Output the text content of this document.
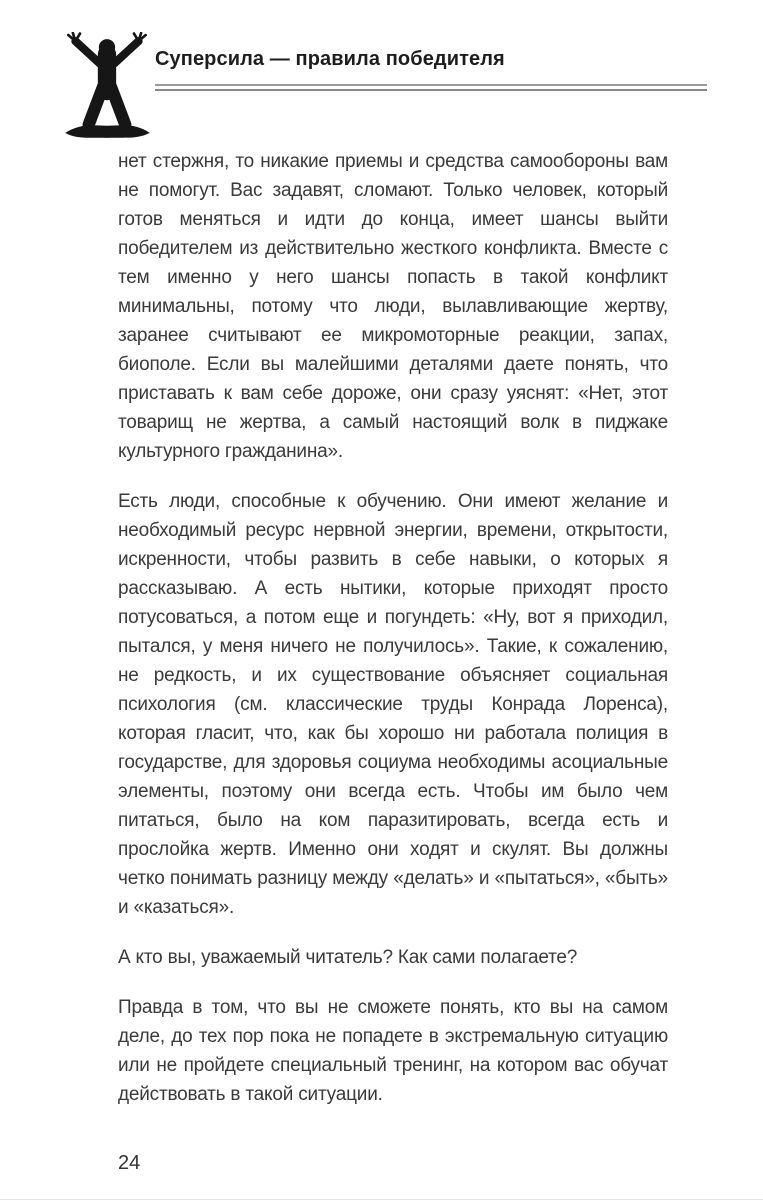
Суперсила — правила победителя

нет стержня, то никакие приемы и средства самообороны вам не помогут. Вас задавят, сломают. Только человек, который готов меняться и идти до конца, имеет шансы выйти победителем из действительно жесткого конфликта. Вместе с тем именно у него шансы попасть в такой конфликт минимальны, потому что люди, вылавливающие жертву, заранее считывают ее микромоторные реакции, запах, биополе. Если вы малейшими деталями даете понять, что приставать к вам себе дороже, они сразу уяснят: «Нет, этот товарищ не жертва, а самый настоящий волк в пиджаке культурного гражданина».

Есть люди, способные к обучению. Они имеют желание и необходимый ресурс нервной энергии, времени, открытости, искренности, чтобы развить в себе навыки, о которых я рассказываю. А есть нытики, которые приходят просто потусоваться, а потом еще и погундеть: «Ну, вот я приходил, пытался, у меня ничего не получилось». Такие, к сожалению, не редкость, и их существование объясняет социальная психология (см. классические труды Конрада Лоренса), которая гласит, что, как бы хорошо ни работала полиция в государстве, для здоровья социума необходимы асоциальные элементы, поэтому они всегда есть. Чтобы им было чем питаться, было на ком паразитировать, всегда есть и прослойка жертв. Именно они ходят и скулят. Вы должны четко понимать разницу между «делать» и «пытаться», «быть» и «казаться».

А кто вы, уважаемый читатель? Как сами полагаете?

Правда в том, что вы не сможете понять, кто вы на самом деле, до тех пор пока не попадете в экстремальную ситуацию или не пройдете специальный тренинг, на котором вас обучат действовать в такой ситуации.

24
